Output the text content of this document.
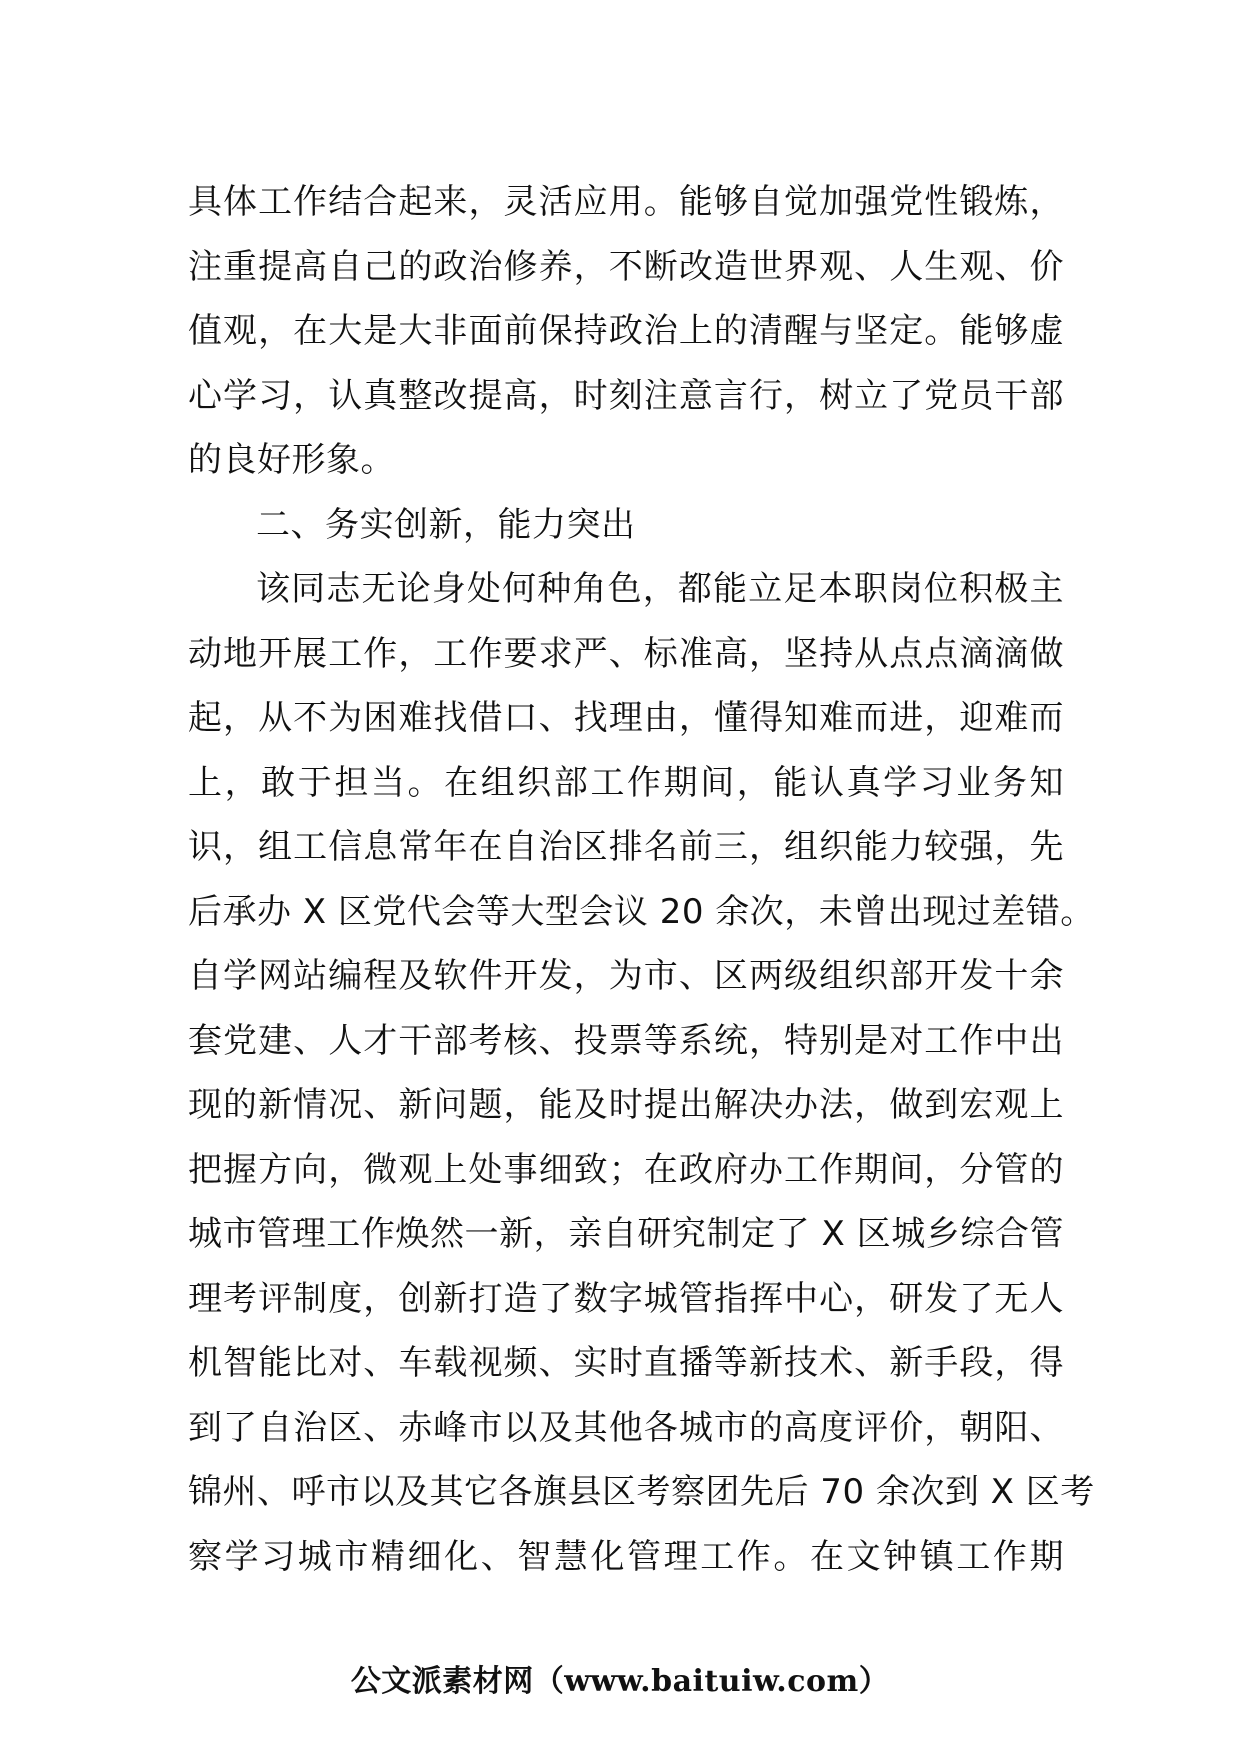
具体工作结合起来，灵活应用。能够自觉加强党性锻炼，
注重提高自己的政治修养，不断改造世界观、人生观、价
值观，在大是大非面前保持政治上的清醒与坚定。能够虚
心学习，认真整改提高，时刻注意言行，树立了党员干部
的良好形象。
二、务实创新，能力突出
该同志无论身处何种角色，都能立足本职岗位积极主
动地开展工作，工作要求严、标准高，坚持从点点滴滴做
起，从不为困难找借口、找理由，懂得知难而进，迎难而
上，敢于担当。在组织部工作期间，能认真学习业务知
识，组工信息常年在自治区排名前三，组织能力较强，先
后承办 X 区党代会等大型会议 20 余次，未曾出现过差错。
自学网站编程及软件开发，为市、区两级组织部开发十余
套党建、人才干部考核、投票等系统，特别是对工作中出
现的新情况、新问题，能及时提出解决办法，做到宏观上
把握方向，微观上处事细致；在政府办工作期间，分管的
城市管理工作焕然一新，亲自研究制定了 X 区城乡综合管
理考评制度，创新打造了数字城管指挥中心，研发了无人
机智能比对、车载视频、实时直播等新技术、新手段，得
到了自治区、赤峰市以及其他各城市的高度评价，朝阳、
锦州、呼市以及其它各旗县区考察团先后 70 余次到 X 区考
察学习城市精细化、智慧化管理工作。在文钟镇工作期
公文派素材网（www.baituiw.com）
